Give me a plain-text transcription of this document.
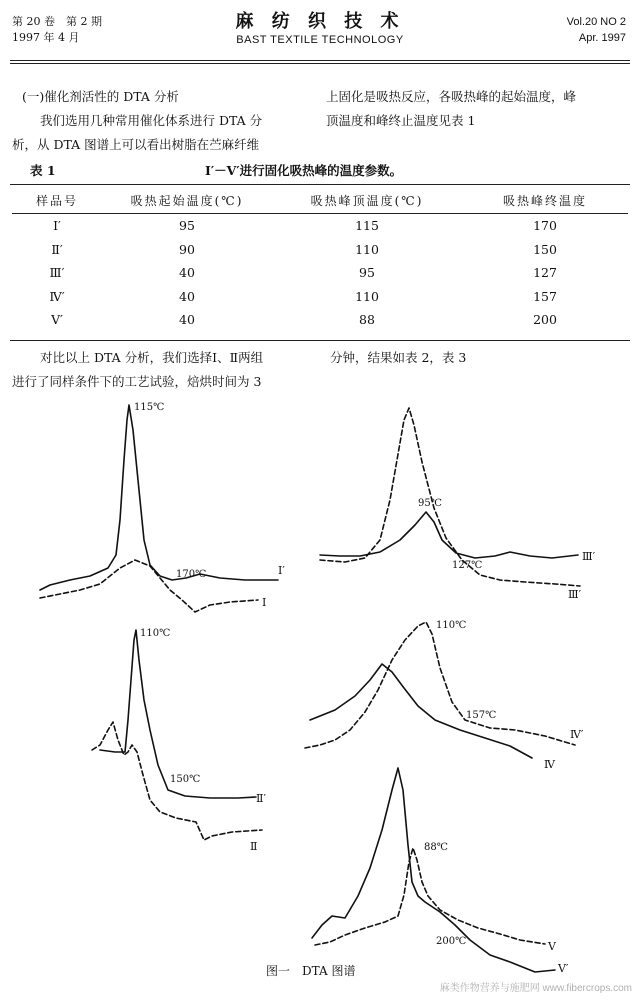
第 20 卷　第 2 期
1997 年 4 月
麻 纺 织 技 术
BAST TEXTILE TECHNOLOGY
Vol.20 NO 2
Apr. 1997
(一)催化剂活性的 DTA 分析
我们选用几种常用催化体系进行 DTA 分
析，从 DTA 图谱上可以看出树脂在苎麻纤维
上固化是吸热反应，各吸热峰的起始温度，峰
顶温度和峰终止温度见表 1
表 1	Ⅰ′－Ⅴ′进行固化吸热峰的温度参数。
样品号	吸热起始温度(℃)	吸热峰顶温度(℃)	吸热峰终温度
Ⅰ′	95	115	170
Ⅱ′	90	110	150
Ⅲ′	40	95	127
Ⅳ′	40	110	157
Ⅴ′	40	88	200
对比以上 DTA 分析，我们选择Ⅰ、Ⅱ两组
进行了同样条件下的工艺试验，焙烘时间为 3
分钟，结果如表 2，表 3
115℃
170℃	Ⅰ′
Ⅰ
95℃
127℃
Ⅲ′
Ⅲ′
110℃
150℃
Ⅱ′
Ⅱ
110℃
157℃
Ⅳ
Ⅳ′
88℃
200℃	Ⅴ
Ⅴ′
图一　DTA 图谱
麻类作物营养与施肥网 www.fibercrops.com
